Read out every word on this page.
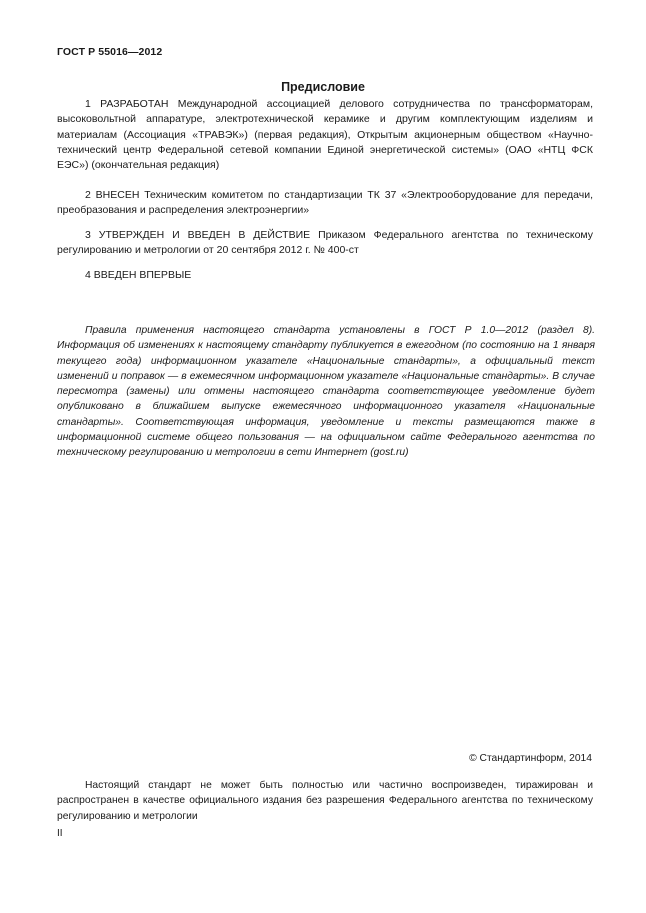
ГОСТ Р 55016—2012
Предисловие

1 РАЗРАБОТАН Международной ассоциацией делового сотрудничества по трансформаторам, высоковольтной аппаратуре, электротехнической керамике и другим комплектующим изделиям и материалам (Ассоциация «ТРАВЭК») (первая редакция), Открытым акционерным обществом «Научно-технический центр Федеральной сетевой компании Единой энергетической системы» (ОАО «НТЦ ФСК ЕЭС») (окончательная редакция)

2 ВНЕСЕН Техническим комитетом по стандартизации ТК 37 «Электрооборудование для передачи, преобразования и распределения электроэнергии»

3 УТВЕРЖДЕН И ВВЕДЕН В ДЕЙСТВИЕ Приказом Федерального агентства по техническому регулированию и метрологии от 20 сентября 2012 г. № 400-ст

4 ВВЕДЕН ВПЕРВЫЕ

Правила применения настоящего стандарта установлены в ГОСТ Р 1.0—2012 (раздел 8). Информация об изменениях к настоящему стандарту публикуется в ежегодном (по состоянию на 1 января текущего года) информационном указателе «Национальные стандарты», а официальный текст изменений и поправок — в ежемесячном информационном указателе «Национальные стандарты». В случае пересмотра (замены) или отмены настоящего стандарта соответствующее уведомление будет опубликовано в ближайшем выпуске ежемесячного информационного указателя «Национальные стандарты». Соответствующая информация, уведомление и тексты размещаются также в информационной системе общего пользования — на официальном сайте Федерального агентства по техническому регулированию и метрологии в сети Интернет (gost.ru)

© Стандартинформ, 2014

Настоящий стандарт не может быть полностью или частично воспроизведен, тиражирован и распространен в качестве официального издания без разрешения Федерального агентства по техническому регулированию и метрологии

II
